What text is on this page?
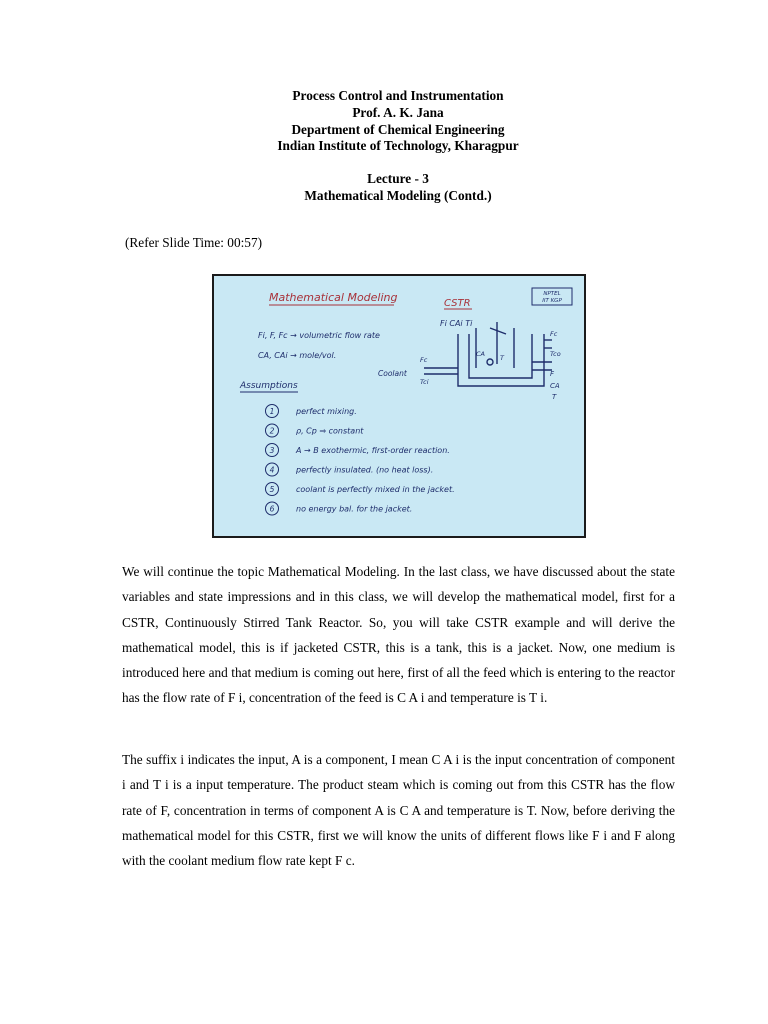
Process Control and Instrumentation
Prof. A. K. Jana
Department of Chemical Engineering
Indian Institute of Technology, Kharagpur
Lecture - 3
Mathematical Modeling (Contd.)
(Refer Slide Time: 00:57)
Mathematical Modeling	NPTEL
IIT KGP
CSTR
Fi, F, Fc → volumetric flow rate
CA, CAi → mole/vol.
Fi CAi Ti
Fc
Tco
CA T
F
CA
T
Coolant
Fc
Tci
Assumptions
1	perfect mixing.
2	ρ, Cp ⇒ constant
3	A → B exothermic, first-order reaction.
4	perfectly insulated. (no heat loss).
5	coolant is perfectly mixed in the jacket.
6	no energy bal. for the jacket.
We will continue the topic Mathematical Modeling. In the last class, we have discussed about the state variables and state impressions and in this class, we will develop the mathematical model, first for a CSTR, Continuously Stirred Tank Reactor. So, you will take CSTR example and will derive the mathematical model, this is if jacketed CSTR, this is a tank, this is a jacket. Now, one medium is introduced here and that medium is coming out here, first of all the feed which is entering to the reactor has the flow rate of F i, concentration of the feed is C A i and temperature is T i.
The suffix i indicates the input, A is a component, I mean C A i is the input concentration of component i and T i is a input temperature. The product steam which is coming out from this CSTR has the flow rate of F, concentration in terms of component A is C A and temperature is T. Now, before deriving the mathematical model for this CSTR, first we will know the units of different flows like F i and F along with the coolant medium flow rate kept F c.
